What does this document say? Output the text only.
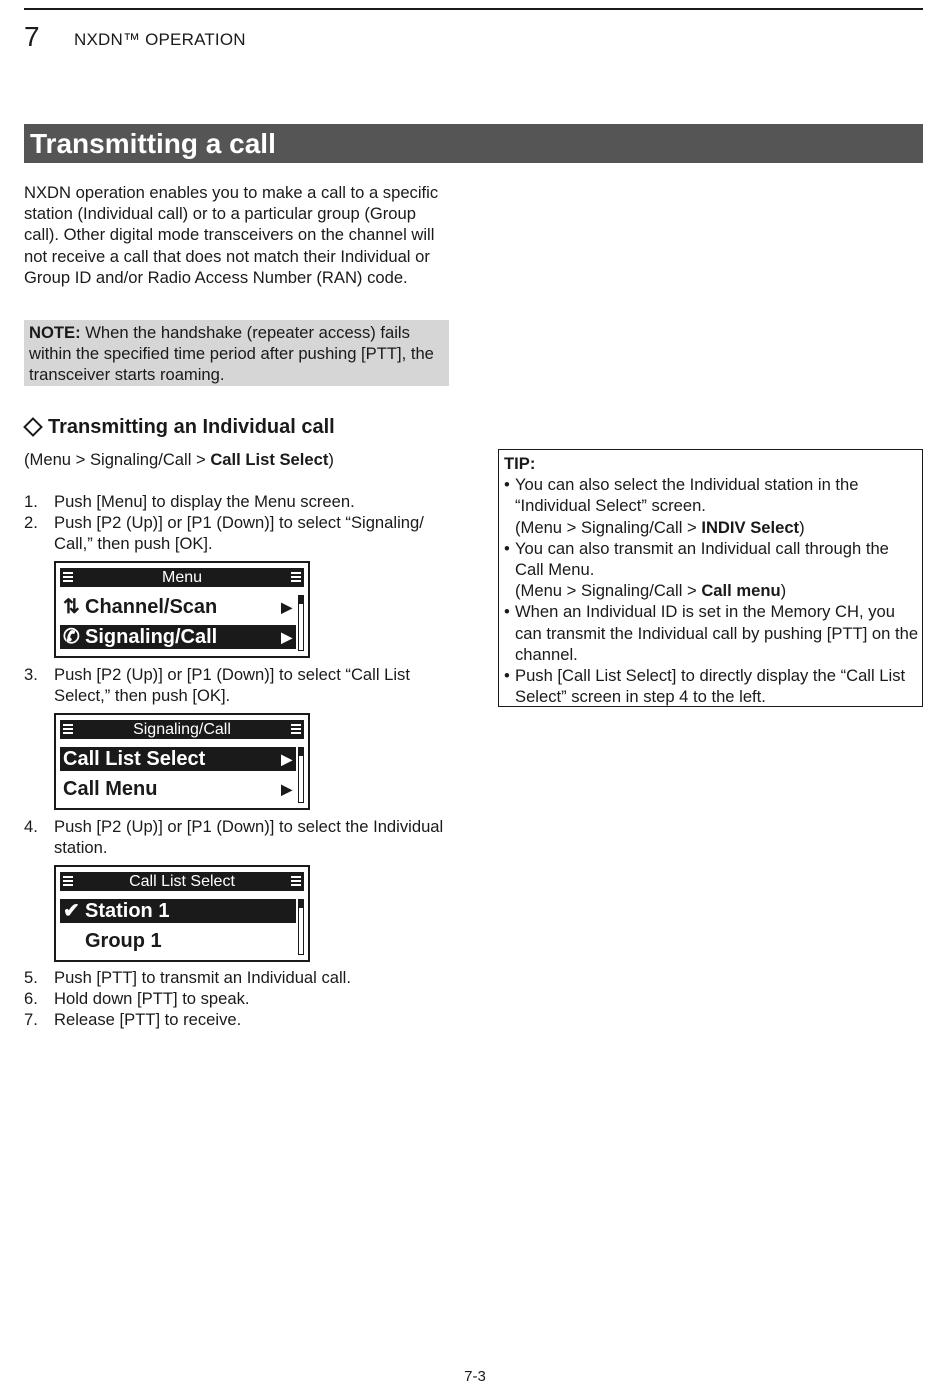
7 NXDN™ OPERATION
Transmitting a call

NXDN operation enables you to make a call to a specific station (Individual call) or to a particular group (Group call). Other digital mode transceivers on the channel will not receive a call that does not match their Individual or Group ID and/or Radio Access Number (RAN) code.

NOTE: When the handshake (repeater access) fails within the specified time period after pushing [PTT], the transceiver starts roaming.
Transmitting an Individual call
(Menu > Signaling/Call > Call List Select)
1. Push [Menu] to display the Menu screen.
2. Push [P2 (Up)] or [P1 (Down)] to select “Signaling/ Call,” then push [OK].
Menu
⇅ Channel/Scan	▶
✆ Signaling/Call	▶
3. Push [P2 (Up)] or [P1 (Down)] to select “Call List Select,” then push [OK].
Signaling/Call
Call List Select	▶
Call Menu	▶
4. Push [P2 (Up)] or [P1 (Down)] to select the Individual station.
Call List Select
✔ Station 1
Group 1
5. Push [PTT] to transmit an Individual call.
6. Hold down [PTT] to speak.
7. Release [PTT] to receive.
TIP:
• You can also select the Individual station in the “Individual Select” screen.
(Menu > Signaling/Call > INDIV Select)
• You can also transmit an Individual call through the Call Menu.
(Menu > Signaling/Call > Call menu)
• When an Individual ID is set in the Memory CH, you can transmit the Individual call by pushing [PTT] on the channel.
• Push [Call List Select] to directly display the “Call List Select” screen in step 4 to the left.
7-3
